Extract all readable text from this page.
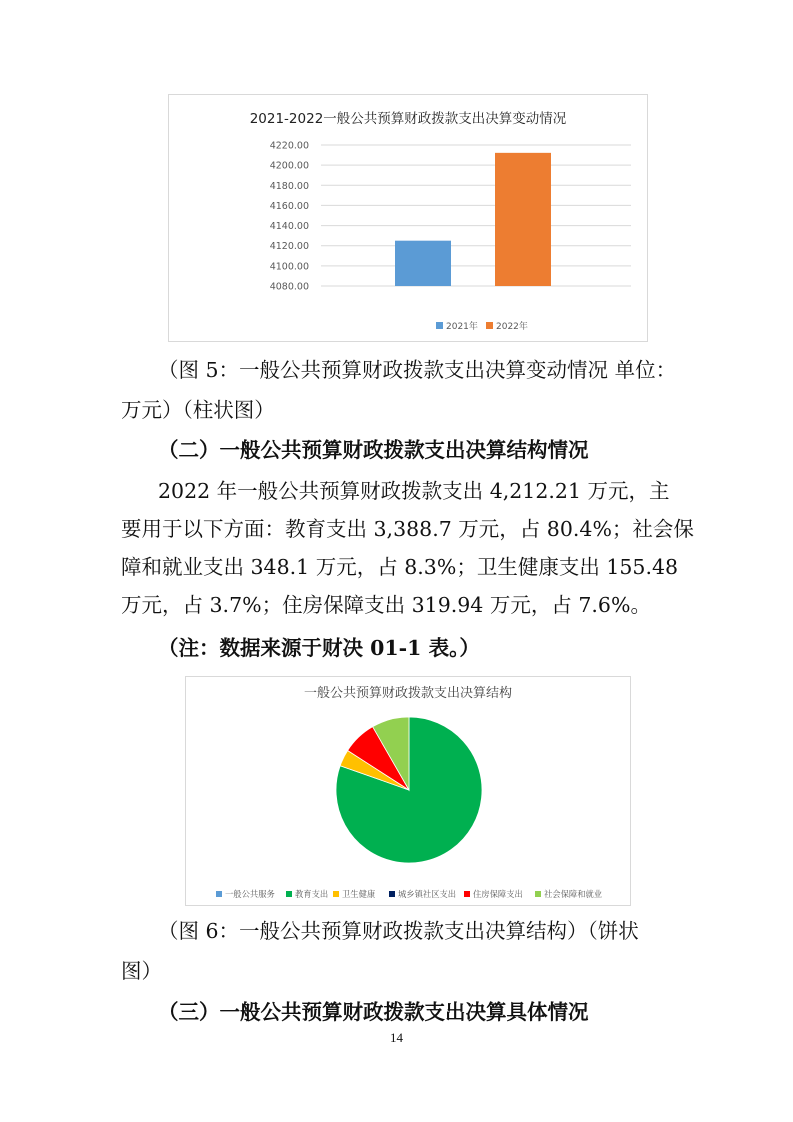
2021-2022一般公共预算财政拨款支出决算变动情况
4080.00
4100.00
4120.00
4140.00
4160.00
4180.00
4200.00
4220.00
2021年 2022年
（图 5：一般公共预算财政拨款支出决算变动情况 单位：
万元）（柱状图）
（二）一般公共预算财政拨款支出决算结构情况
2022 年一般公共预算财政拨款支出 4,212.21 万元，主
要用于以下方面：教育支出 3,388.7 万元，占 80.4%；社会保
障和就业支出 348.1 万元，占 8.3%；卫生健康支出 155.48
万元，占 3.7%；住房保障支出 319.94 万元，占 7.6%。
（注：数据来源于财决 01-1 表。）
一般公共预算财政拨款支出决算结构
一般公共服务 教育支出 卫生健康	城乡镇社区支出 住房保障支出	社会保障和就业
（图 6：一般公共预算财政拨款支出决算结构）（饼状
图）
（三）一般公共预算财政拨款支出决算具体情况
14
